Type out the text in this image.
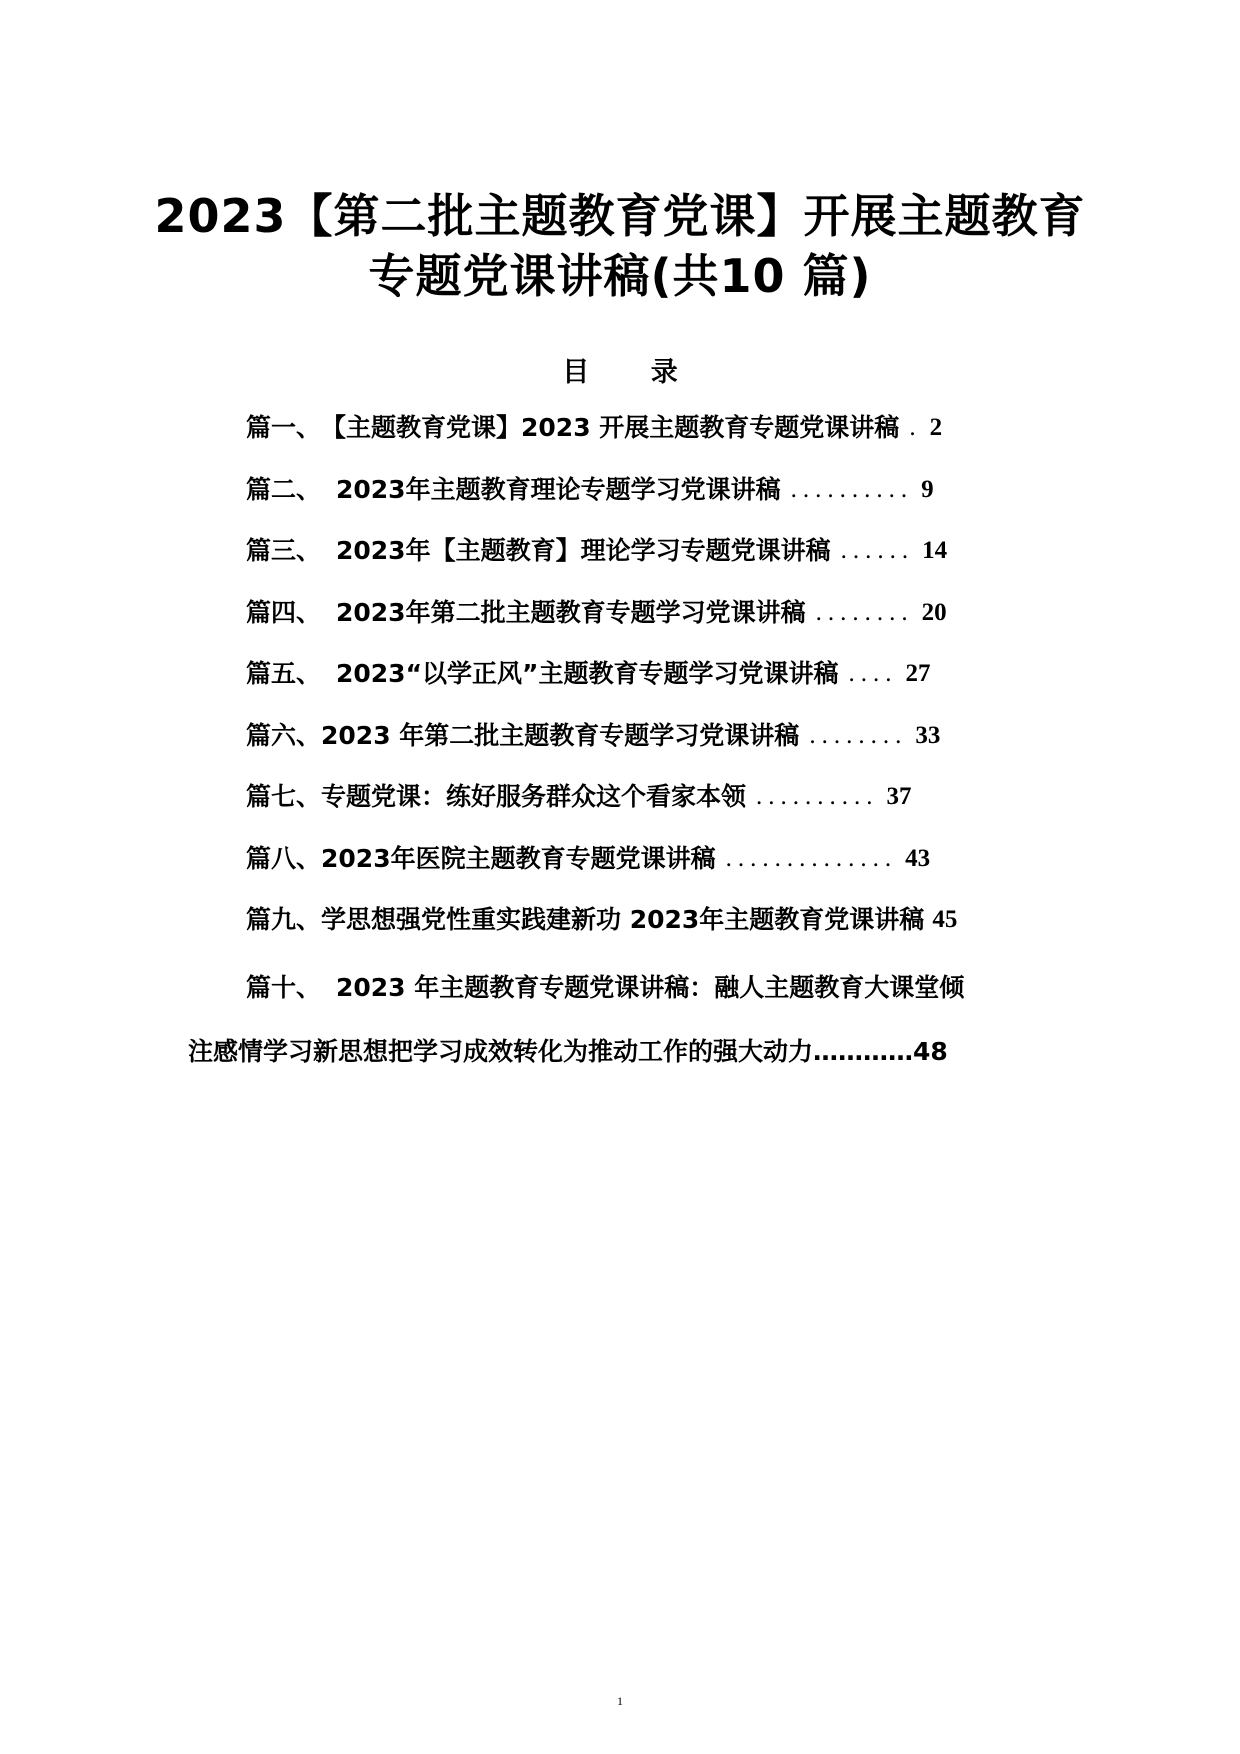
2023【第二批主题教育党课】开展主题教育
专题党课讲稿(共10 篇)
目 录
篇一、 【主题教育党课】2023 开展主题教育专题党课讲稿 . 2
篇二、 2023年主题教育理论专题学习党课讲稿 .......... 9
篇三、 2023年【主题教育】理论学习专题党课讲稿 ...... 14
篇四、 2023年第二批主题教育专题学习党课讲稿 ........ 20
篇五、 2023“以学正风”主题教育专题学习党课讲稿 .... 27
篇六、 2023 年第二批主题教育专题学习党课讲稿 ........ 33
篇七、 专题党课：练好服务群众这个看家本领 .......... 37
篇八、 2023年医院主题教育专题党课讲稿 .............. 43
篇九、 学思想强党性重实践建新功 2023年主题教育党课讲稿 45
篇十、 2023 年主题教育专题党课讲稿：融人主题教育大课堂倾
注感情学习新思想把学习成效转化为推动工作的强大动力…………48
1
